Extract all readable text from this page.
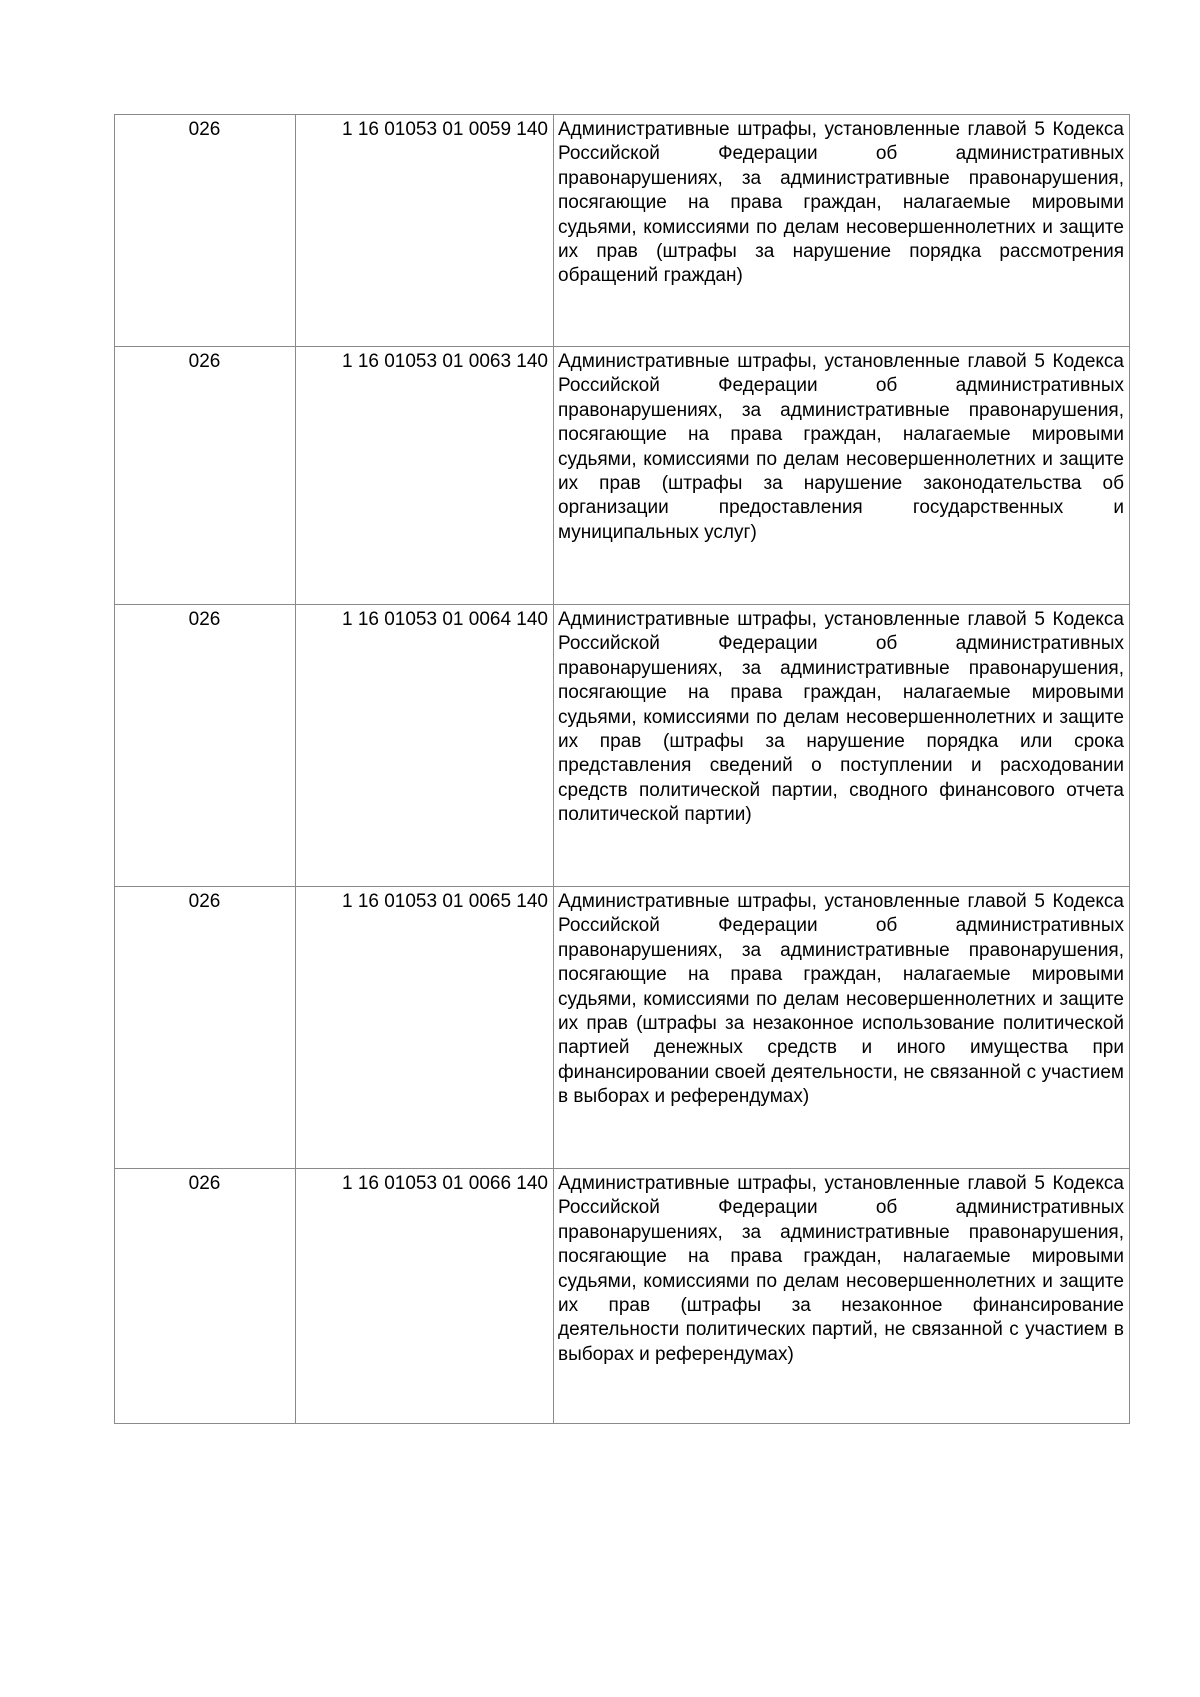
026	1 16 01053 01 0059 140	Административные штрафы, установленные главой 5 Кодекса Российской Федерации об административных правонарушениях, за административные правонарушения, посягающие на права граждан, налагаемые мировыми судьями, комиссиями по делам несовершеннолетних и защите их прав (штрафы за нарушение порядка рассмотрения обращений граждан)
026	1 16 01053 01 0063 140	Административные штрафы, установленные главой 5 Кодекса Российской Федерации об административных правонарушениях, за административные правонарушения, посягающие на права граждан, налагаемые мировыми судьями, комиссиями по делам несовершеннолетних и защите их прав (штрафы за нарушение законодательства об организации предоставления государственных и муниципальных услуг)
026	1 16 01053 01 0064 140	Административные штрафы, установленные главой 5 Кодекса Российской Федерации об административных правонарушениях, за административные правонарушения, посягающие на права граждан, налагаемые мировыми судьями, комиссиями по делам несовершеннолетних и защите их прав (штрафы за нарушение порядка или срока представления сведений о поступлении и расходовании средств политической партии, сводного финансового отчета политической партии)
026	1 16 01053 01 0065 140	Административные штрафы, установленные главой 5 Кодекса Российской Федерации об административных правонарушениях, за административные правонарушения, посягающие на права граждан, налагаемые мировыми судьями, комиссиями по делам несовершеннолетних и защите их прав (штрафы за незаконное использование политической партией денежных средств и иного имущества при финансировании своей деятельности, не связанной с участием в выборах и референдумах)
026	1 16 01053 01 0066 140	Административные штрафы, установленные главой 5 Кодекса Российской Федерации об административных правонарушениях, за административные правонарушения, посягающие на права граждан, налагаемые мировыми судьями, комиссиями по делам несовершеннолетних и защите их прав (штрафы за незаконное финансирование деятельности политических партий, не связанной с участием в выборах и референдумах)
